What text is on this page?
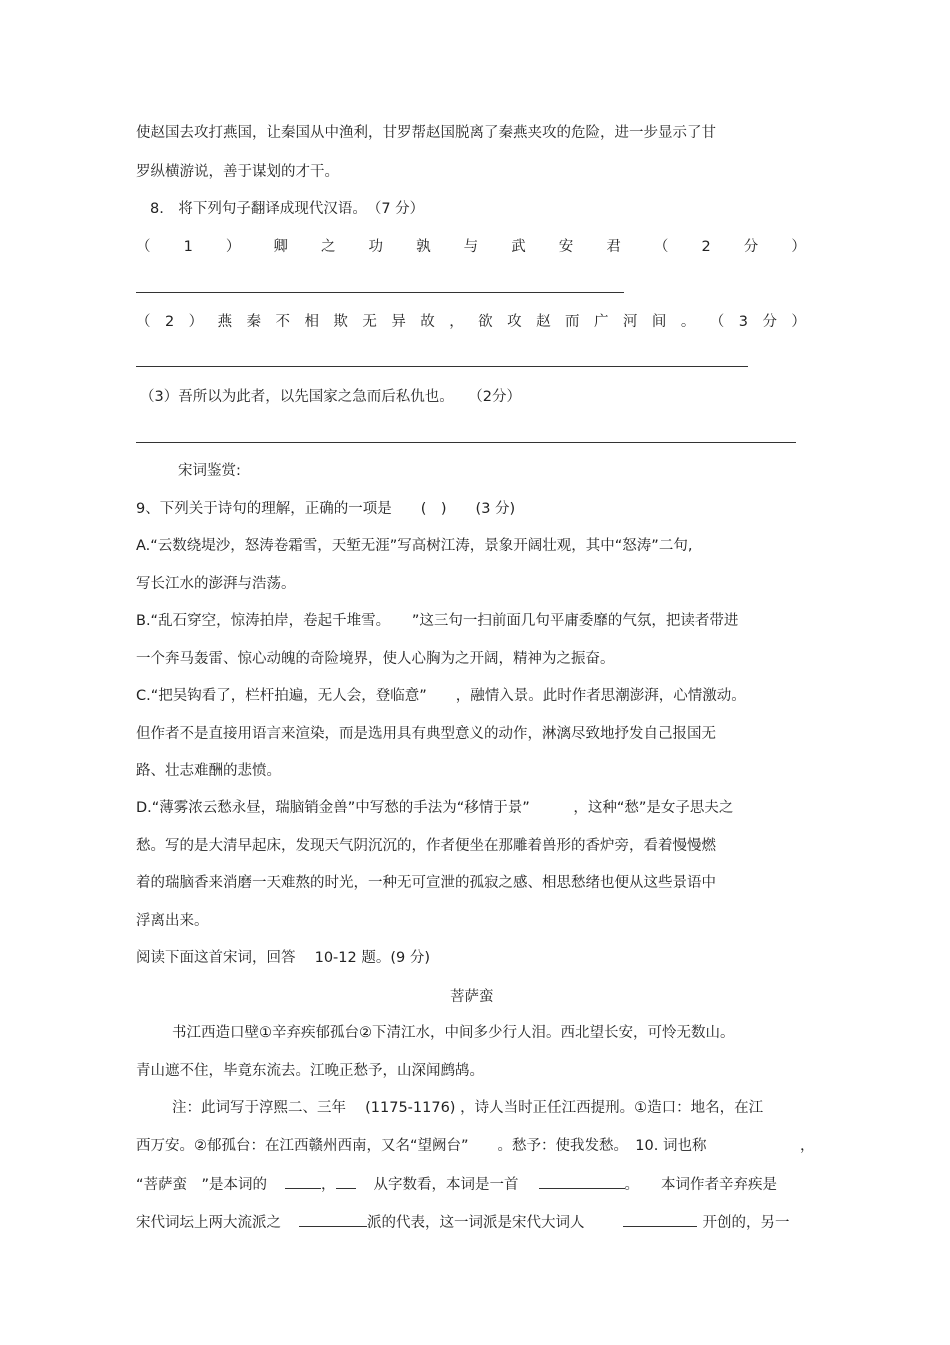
使赵国去攻打燕国，让秦国从中渔利，甘罗帮赵国脱离了秦燕夹攻的危险，进一步显示了甘
罗纵横游说，善于谋划的才干。
8.　将下列句子翻译成现代汉语。　（7 分）
（ 1 ） 卿 之 功 孰 与 武 安 君 （ 2 分 ）
（ 2 ） 燕 秦 不 相 欺 无 异 故 ， 欲 攻 赵 而 广 河 间 。 （ 3 分 ）
（3）吾所以为此者，以先国家之急而后私仇也。　　（2分）
宋词鉴赏:
9、下列关于诗句的理解，正确的一项是　　(　)　　(3 分)
A.“云数绕堤沙，怒涛卷霜雪，天堑无涯”写高树江涛，景象开阔壮观，其中“怒涛”二句,
写长江水的澎湃与浩荡。
B.“乱石穿空，惊涛拍岸，卷起千堆雪。　　”这三句一扫前面几句平庸委靡的气氛，把读者带进
一个奔马轰雷、惊心动魄的奇险境界，使人心胸为之开阔，精神为之振奋。
C.“把吴钩看了，栏杆拍遍，无人会，登临意”　　，融情入景。此时作者思潮澎湃，心情激动。
但作者不是直接用语言来渲染，而是选用具有典型意义的动作，淋漓尽致地抒发自己报国无
路、壮志难酬的悲愤。
D.“薄雾浓云愁永昼，瑞脑销金兽”中写愁的手法为“移情于景”　　　，这种“愁”是女子思夫之
愁。写的是大清早起床，发现天气阴沉沉的，作者便坐在那雕着兽形的香炉旁，看着慢慢燃
着的瑞脑香来消磨一天难熬的时光，一种无可宣泄的孤寂之感、相思愁绪也便从这些景语中
浮离出来。
阅读下面这首宋词，回答　 10-12 题。(9 分)
菩萨蛮
书江西造口壁①辛弃疾郁孤台②下清江水，中间多少行人泪。西北望长安，可怜无数山。
青山遮不住，毕竟东流去。江晚正愁予，山深闻鹧鸪。
注：此词写于淳熙二、三年　 (1175-1176) ，诗人当时正任江西提刑。①造口：地名，在江
西万安。②郁孤台：在江西赣州西南，又名“望阙台”　　。愁予：使我发愁。　10. 词也称	，
“菩萨蛮　”是本词的	，	从字数看，本词是一首	。 本词作者辛弃疾是
宋代词坛上两大流派之	派的代表，这一词派是宋代大词人	开创的，另一
